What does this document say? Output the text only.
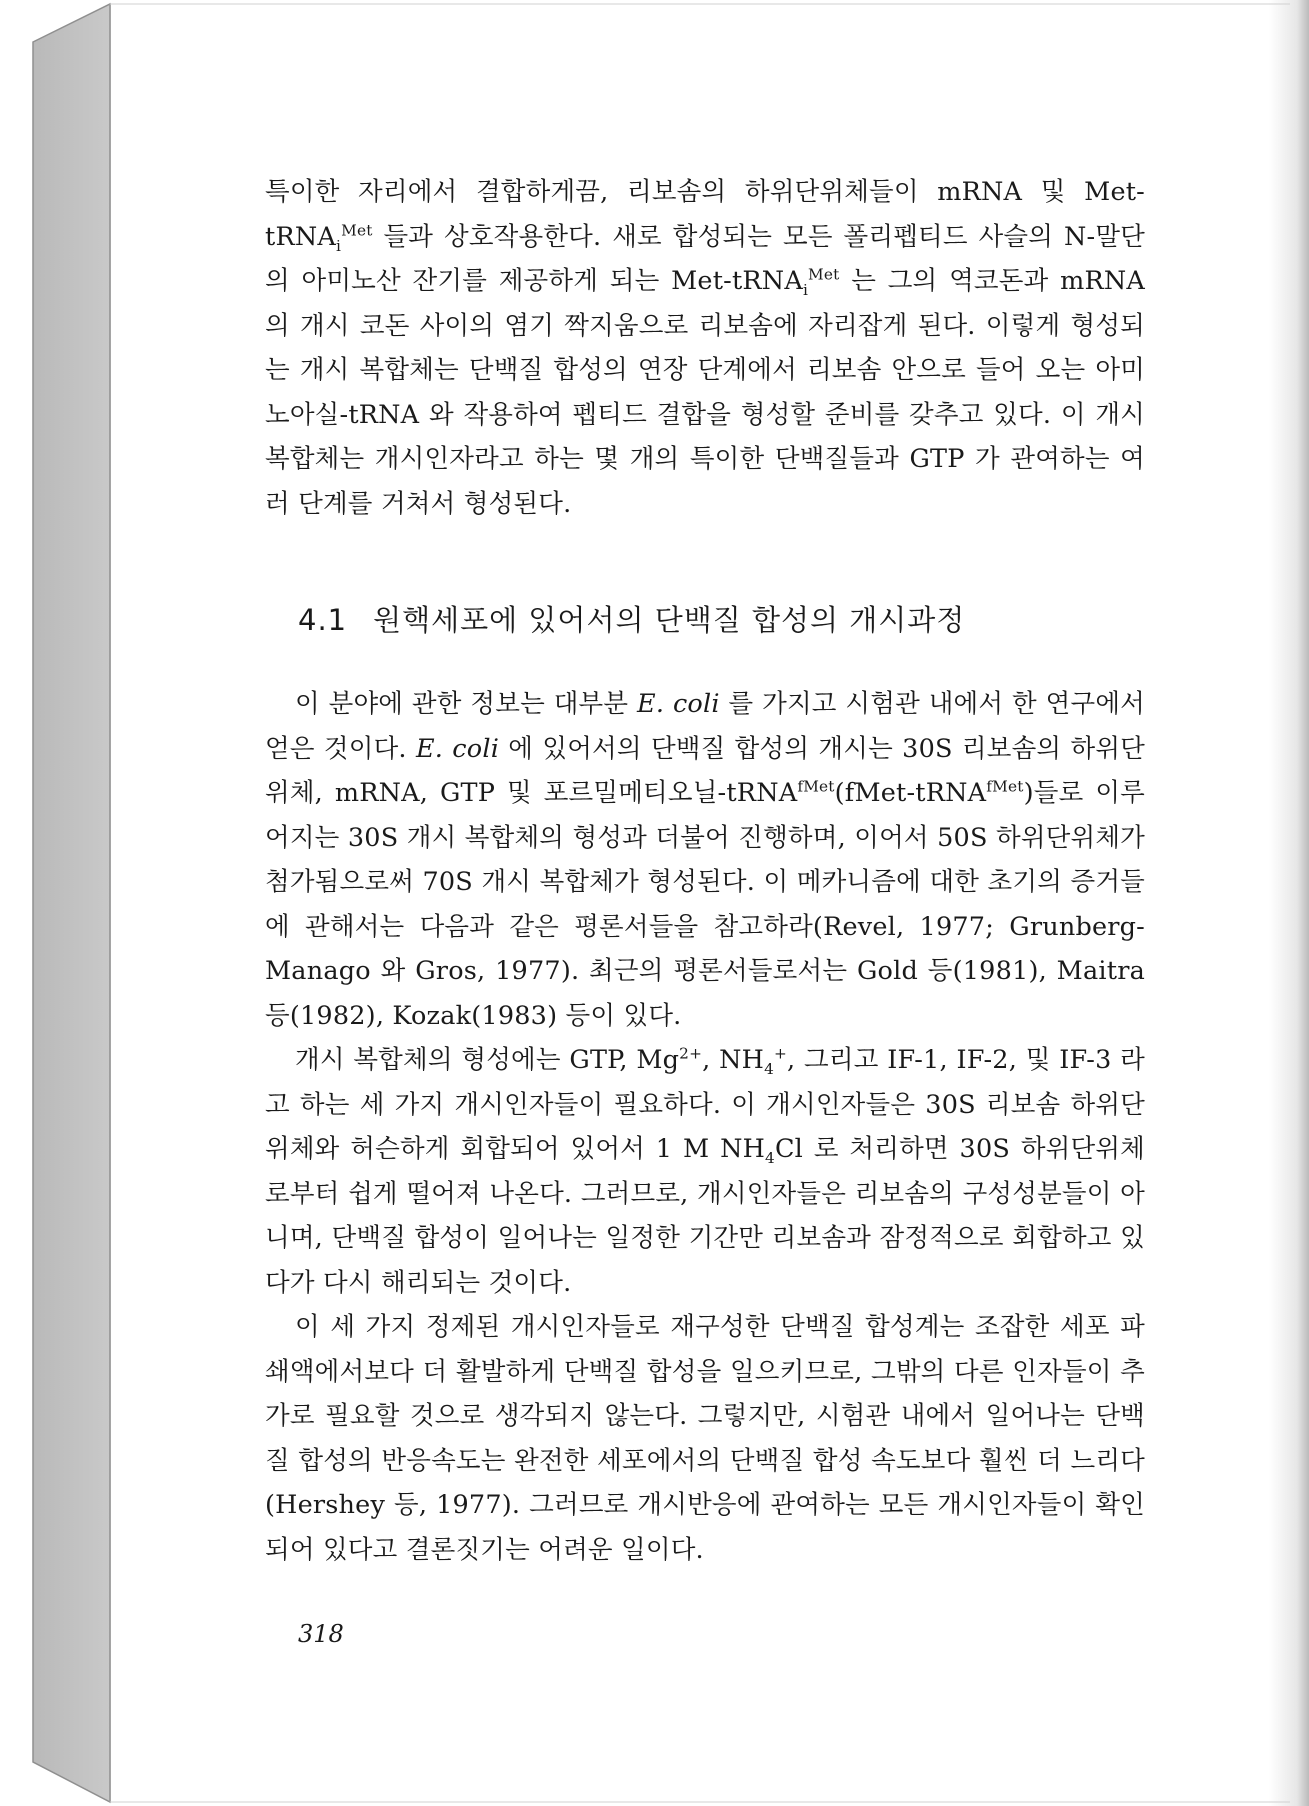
특이한 자리에서 결합하게끔, 리보솜의 하위단위체들이 mRNA 및 Met-tRNA$_i^{Met}$ 들과 상호작용한다. 새로 합성되는 모든 폴리펩티드 사슬의 N-말단의 아미노산 잔기를 제공하게 되는 Met-tRNA$_i^{Met}$ 는 그의 역코돈과 mRNA 의 개시 코돈 사이의 염기 짝지움으로 리보솜에 자리잡게 된다. 이렇게 형성되는 개시 복합체는 단백질 합성의 연장 단계에서 리보솜 안으로 들어 오는 아미노아실-tRNA 와 작용하여 펩티드 결합을 형성할 준비를 갖추고 있다. 이 개시 복합체는 개시인자라고 하는 몇 개의 특이한 단백질들과 GTP 가 관여하는 여러 단계를 거쳐서 형성된다.

4.1 원핵세포에 있어서의 단백질 합성의 개시과정

이 분야에 관한 정보는 대부분 E. coli 를 가지고 시험관 내에서 한 연구에서 얻은 것이다. E. coli 에 있어서의 단백질 합성의 개시는 30S 리보솜의 하위단위체, mRNA, GTP 및 포르밀메티오닐-tRNA$^{fMet}$(fMet-tRNA$^{fMet}$)들로 이루어지는 30S 개시 복합체의 형성과 더불어 진행하며, 이어서 50S 하위단위체가 첨가됨으로써 70S 개시 복합체가 형성된다. 이 메카니즘에 대한 초기의 증거들에 관해서는 다음과 같은 평론서들을 참고하라(Revel, 1977; Grunberg-Manago 와 Gros, 1977). 최근의 평론서들로서는 Gold 등(1981), Maitra 등(1982), Kozak(1983) 등이 있다.

개시 복합체의 형성에는 GTP, $Mg^{2+}$, $NH_4^+$, 그리고 IF-1, IF-2, 및 IF-3 라고 하는 세 가지 개시인자들이 필요하다. 이 개시인자들은 30S 리보솜 하위단위체와 허슨하게 회합되어 있어서 1 M $NH_4Cl$ 로 처리하면 30S 하위단위체로부터 쉽게 떨어져 나온다. 그러므로, 개시인자들은 리보솜의 구성성분들이 아니며, 단백질 합성이 일어나는 일정한 기간만 리보솜과 잠정적으로 회합하고 있다가 다시 해리되는 것이다.

이 세 가지 정제된 개시인자들로 재구성한 단백질 합성계는 조잡한 세포 파쇄액에서보다 더 활발하게 단백질 합성을 일으키므로, 그밖의 다른 인자들이 추가로 필요할 것으로 생각되지 않는다. 그렇지만, 시험관 내에서 일어나는 단백질 합성의 반응속도는 완전한 세포에서의 단백질 합성 속도보다 훨씬 더 느리다(Hershey 등, 1977). 그러므로 개시반응에 관여하는 모든 개시인자들이 확인되어 있다고 결론짓기는 어려운 일이다.

318
